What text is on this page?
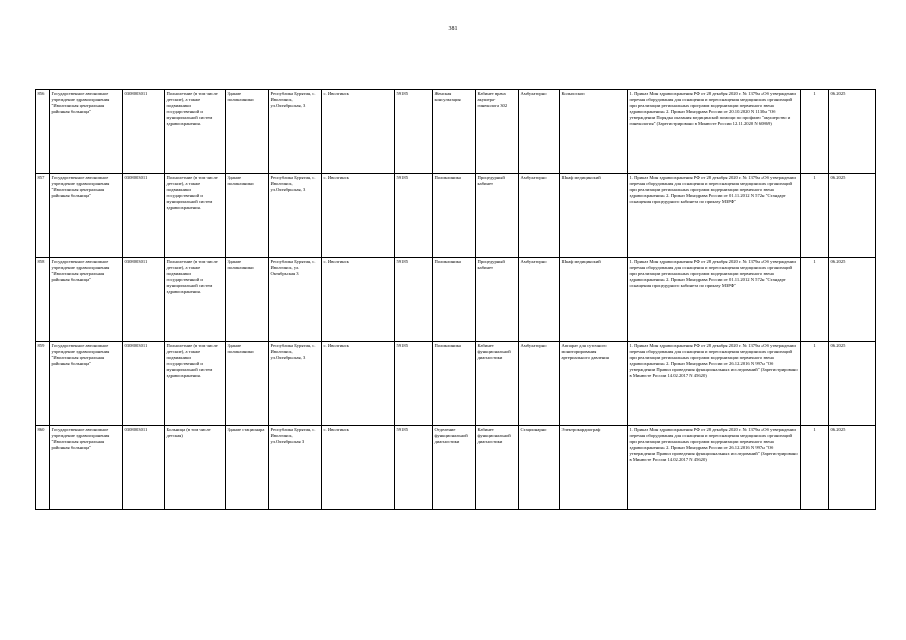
381
856	Государственное автономное учреждение здравоохранения "Иволгинская центральная районная больница"	0308003011	Полнолетние (в том числе детские), а также подвижники государственной и муниципальной систем здравоохранения.	Здание поликлиники	Республика Бурятия, с. Иволгинск, ул.Октябрьская, 3	с. Иволгинск	59185	Женская консультация	Кабинет врача акушера-гинеколога 302	Амбулаторно	Кольпоскоп	1. Приказ Мин здравоохранения РФ от 28 декабря 2020 г. № 1379н «Об утверждении перечня оборудования для оснащения и переоснащения медицинских организаций при реализации региональных программ модернизации первичного звена здравоохранения» 2. Приказ Минздрава России от 20.10.2020 N 1130н "Об утверждении Порядка оказания медицинской помощи по профилю "акушерство и гинекология" (Зарегистрировано в Минюсте России 12.11.2020 N 60869)	1	06.2025
857	Государственное автономное учреждение здравоохранения "Иволгинская центральная районная больница"	0308003011	Полнолетние (в том числе детские), а также подвижники государственной и муниципальной систем здравоохранения.	Здание поликлиники	Республика Бурятия, с. Иволгинск, ул.Октябрьская, 3	с. Иволгинск	59185	Поликлиника	Процедурный кабинет	Амбулаторно	Шкаф медицинский	1. Приказ Мин здравоохранения РФ от 28 декабря 2020 г. № 1379н «Об утверждении перечня оборудования для оснащения и переоснащения медицинских организаций при реализации региональных программ модернизации первичного звена здравоохранения» 2. Приказ Минздрава России от 01.11.2012 N 572н "Стандарт оснащения процедурного кабинета по приказу МЗРФ"	1	06.2025
858	Государственное автономное учреждение здравоохранения "Иволгинская центральная районная больница"	0308003011	Полнолетние (в том числе детские), а также подвижники государственной и муниципальной систем здравоохранения.	Здание поликлиники	Республика Бурятия, с. Иволгинск, ул. Октябрьская 3	с. Иволгинск	59185	Поликлиника	Процедурный кабинет	Амбулаторно	Шкаф медицинский	1. Приказ Мин здравоохранения РФ от 28 декабря 2020 г. № 1379н «Об утверждении перечня оборудования для оснащения и переоснащения медицинских организаций при реализации региональных программ модернизации первичного звена здравоохранения» 2. Приказ Минздрава России от 01.11.2012 N 572н "Стандарт оснащения процедурного кабинета по приказу МЗРФ"	1	06.2025
859	Государственное автономное учреждение здравоохранения "Иволгинская центральная районная больница"	0308003011	Полнолетние (в том числе детские), а также подвижники государственной и муниципальной систем здравоохранения.	Здание поликлиники	Республика Бурятия, с. Иволгинск, ул.Октябрьская, 3	с. Иволгинск	59185	Поликлиника	Кабинет функциональной диагностики	Амбулаторно	Аппарат для суточного мониторирования артериального давления	1. Приказ Мин здравоохранения РФ от 28 декабря 2020 г. № 1379н «Об утверждении перечня оборудования для оснащения и переоснащения медицинских организаций при реализации региональных программ модернизации первичного звена здравоохранения» 2. Приказ Минздрава России от 26.12.2016 N 997н "Об утверждении Правил проведения функциональных исследований" (Зарегистрировано в Минюсте России 14.02.2017 N 45620)	1	06.2025
860	Государственное автономное учреждение здравоохранения "Иволгинская центральная районная больница"	0308003011	Больница (в том числе детская)	Здание стационара	Республика Бурятия, с. Иволгинск, ул.Октябрьская 3	с. Иволгинск	59185	Отделение функциональной диагностики	Кабинет функциональной диагностики	Стационарно	Электрокардиограф	1. Приказ Мин здравоохранения РФ от 28 декабря 2020 г. № 1379н «Об утверждении перечня оборудования для оснащения и переоснащения медицинских организаций при реализации региональных программ модернизации первичного звена здравоохранения» 2. Приказ Минздрава России от 26.12.2016 N 997н "Об утверждении Правил проведения функциональных исследований" (Зарегистрировано в Минюсте России 14.02.2017 N 45620)	1	06.2025
